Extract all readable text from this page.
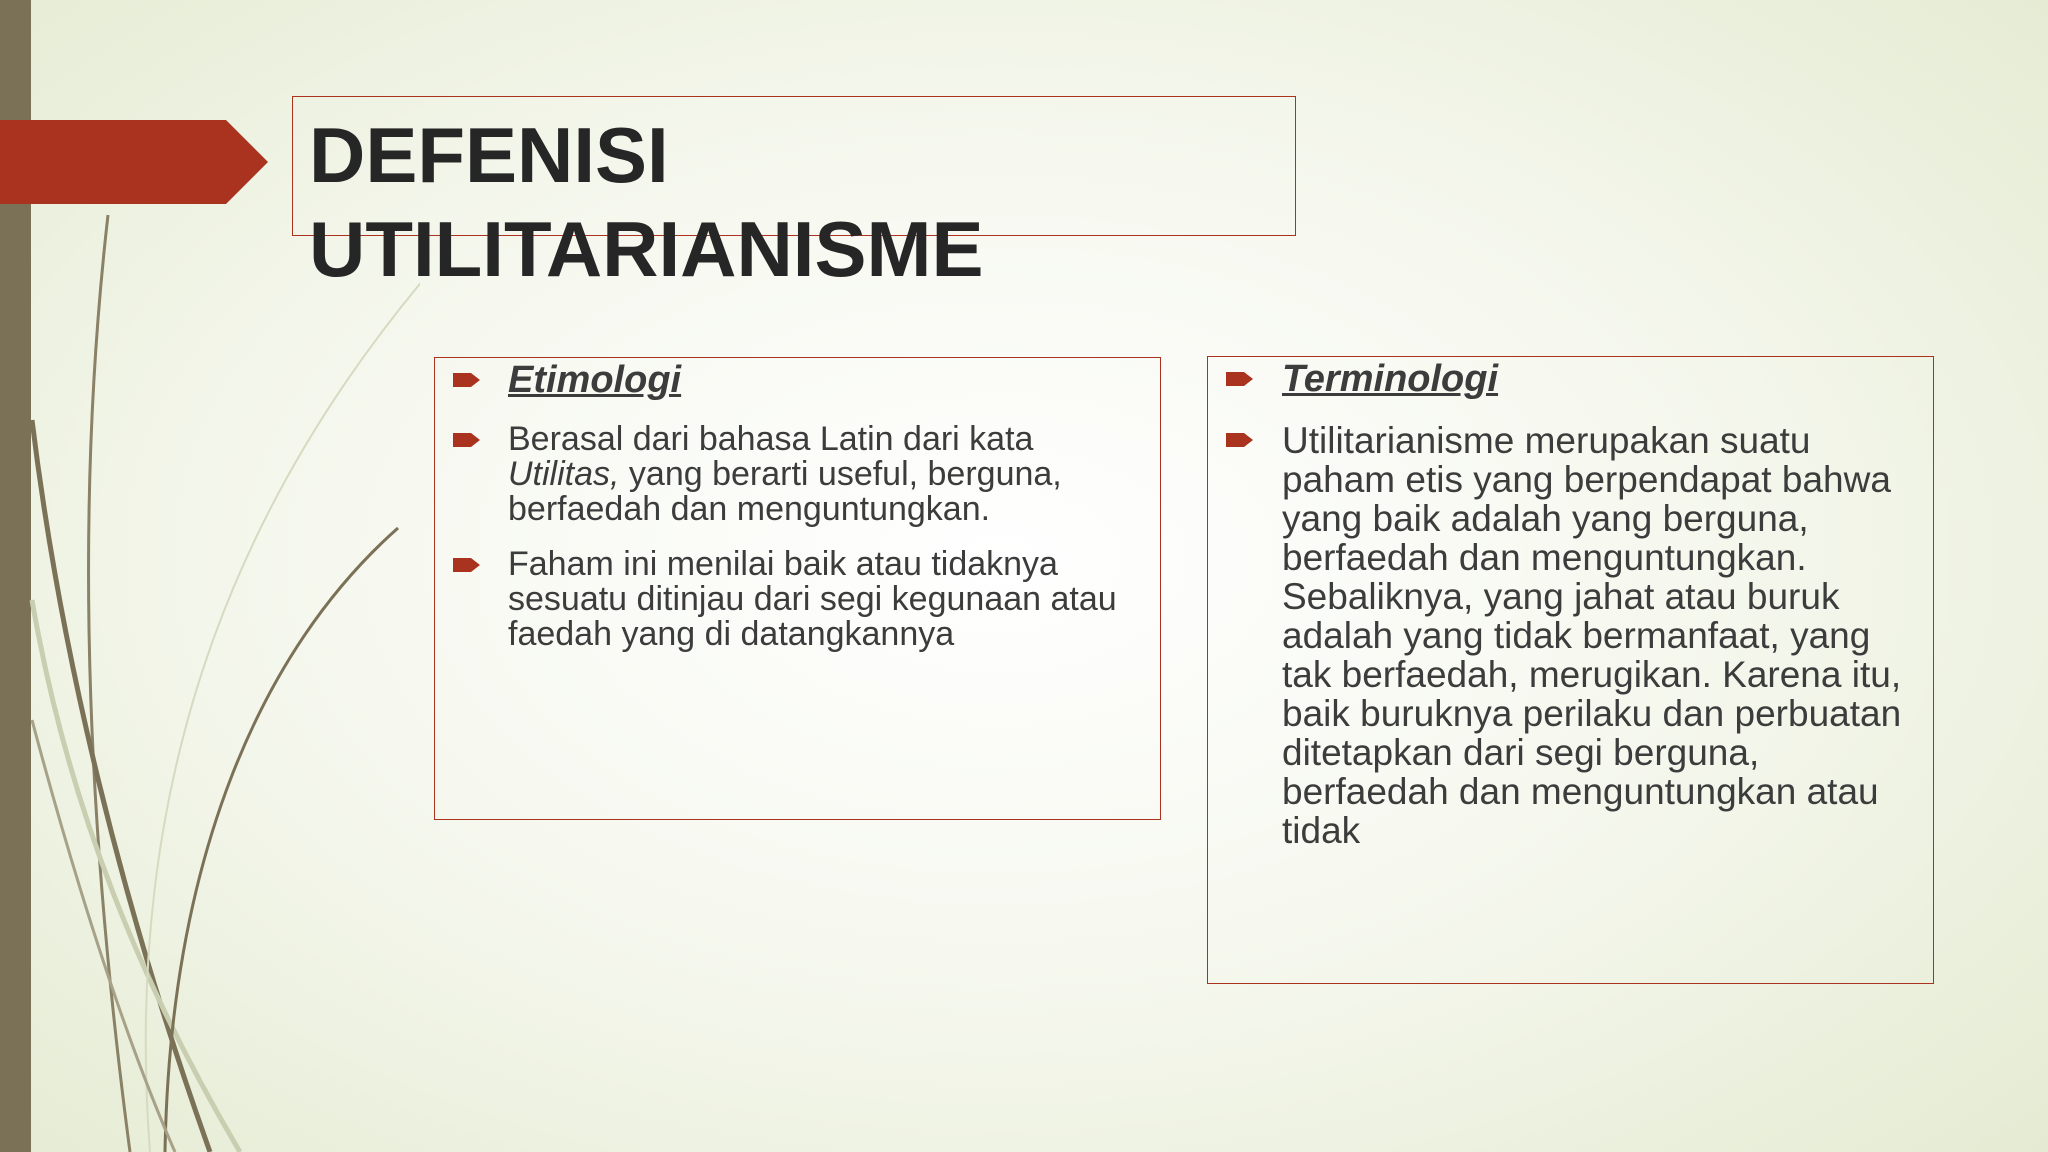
DEFENISI
UTILITARIANISME
Etimologi

Berasal dari bahasa Latin dari kata Utilitas, yang berarti useful, berguna, berfaedah dan menguntungkan.

Faham ini menilai baik atau tidaknya sesuatu ditinjau dari segi kegunaan atau faedah yang di datangkannya

Terminologi

Utilitarianisme merupakan suatu paham etis yang berpendapat bahwa yang baik adalah yang berguna, berfaedah dan menguntungkan. Sebaliknya, yang jahat atau buruk adalah yang tidak bermanfaat, yang tak berfaedah, merugikan. Karena itu, baik buruknya perilaku dan perbuatan ditetapkan dari segi berguna, berfaedah dan menguntungkan atau tidak
